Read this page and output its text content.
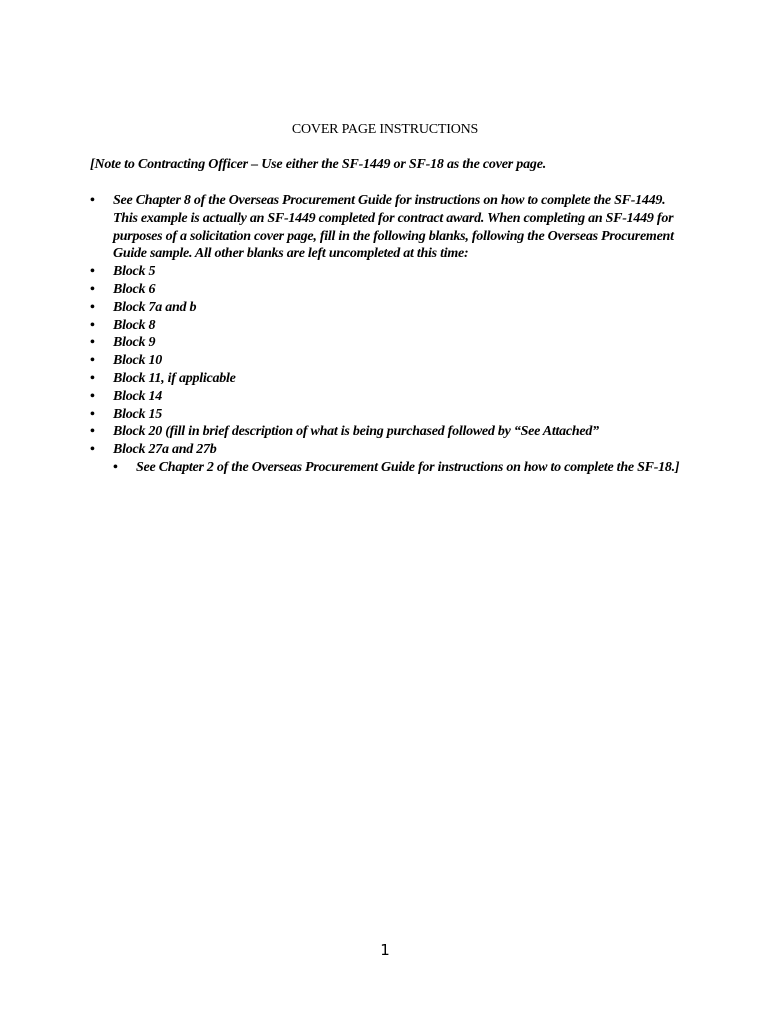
COVER PAGE INSTRUCTIONS
[Note to Contracting Officer – Use either the SF-1449 or SF-18 as the cover page.
• See Chapter 8 of the Overseas Procurement Guide for instructions on how to complete the SF-1449. This example is actually an SF-1449 completed for contract award. When completing an SF-1449 for purposes of a solicitation cover page, fill in the following blanks, following the Overseas Procurement Guide sample. All other blanks are left uncompleted at this time:
• Block 5
• Block 6
• Block 7a and b
• Block 8
• Block 9
• Block 10
• Block 11, if applicable
• Block 14
• Block 15
• Block 20 (fill in brief description of what is being purchased followed by “See Attached”
• Block 27a and 27b
• See Chapter 2 of the Overseas Procurement Guide for instructions on how to complete the SF-18.]
1
